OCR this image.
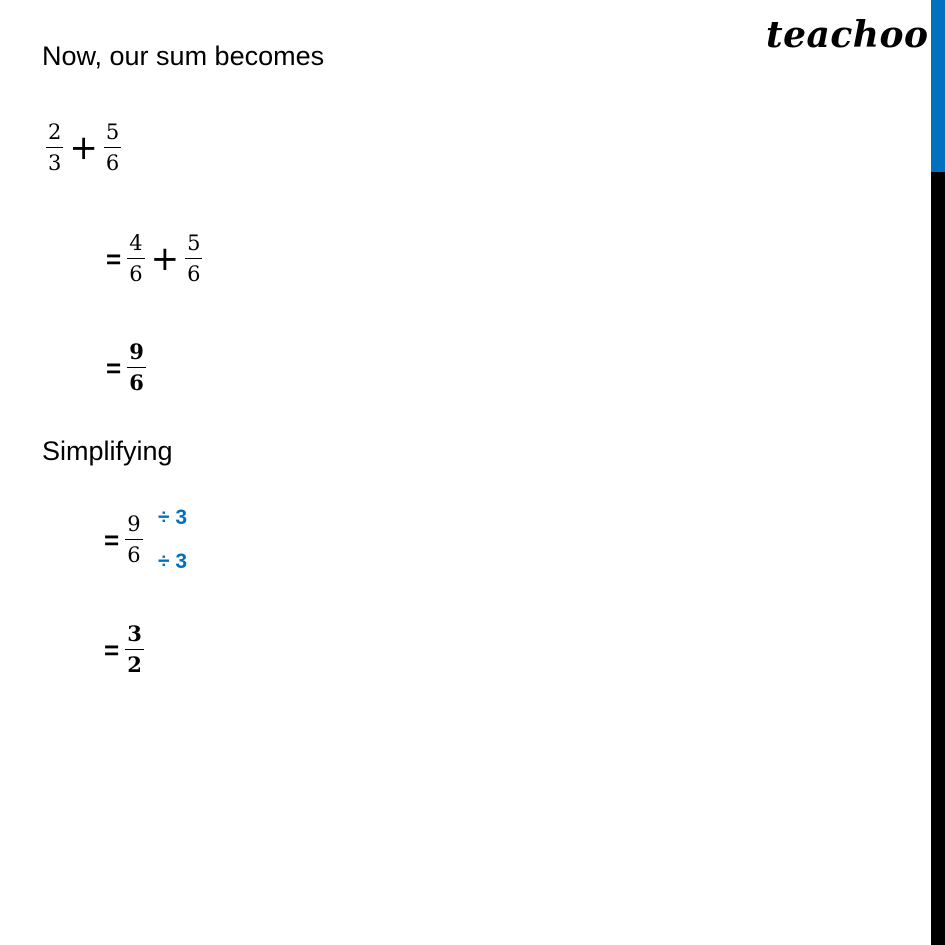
teachoo
Now, our sum becomes
$\frac{2}{3} + \frac{5}{6}$
= $\frac{4}{6} + \frac{5}{6}$
= $\frac{9}{6}$
Simplifying
= $\frac{9}{6} \div 3$
÷ 3
= $\frac{3}{2}$
